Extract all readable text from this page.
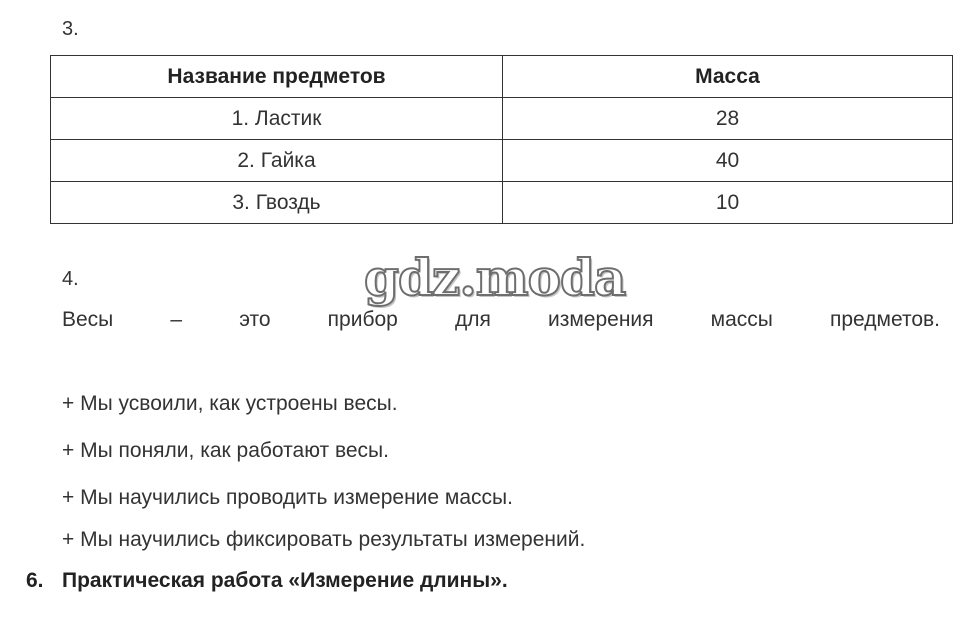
3.
Название предметов	Масса
1. Ластик	28
2. Гайка	40
3. Гвоздь	10
4.
Весы	–	это	прибор	для	измерения	массы	предметов.
gdz.moda
+ Мы усвоили, как устроены весы.
+ Мы поняли, как работают весы.
+ Мы научились проводить измерение массы.
+ Мы научились фиксировать результаты измерений.
6. Практическая работа «Измерение длины».
